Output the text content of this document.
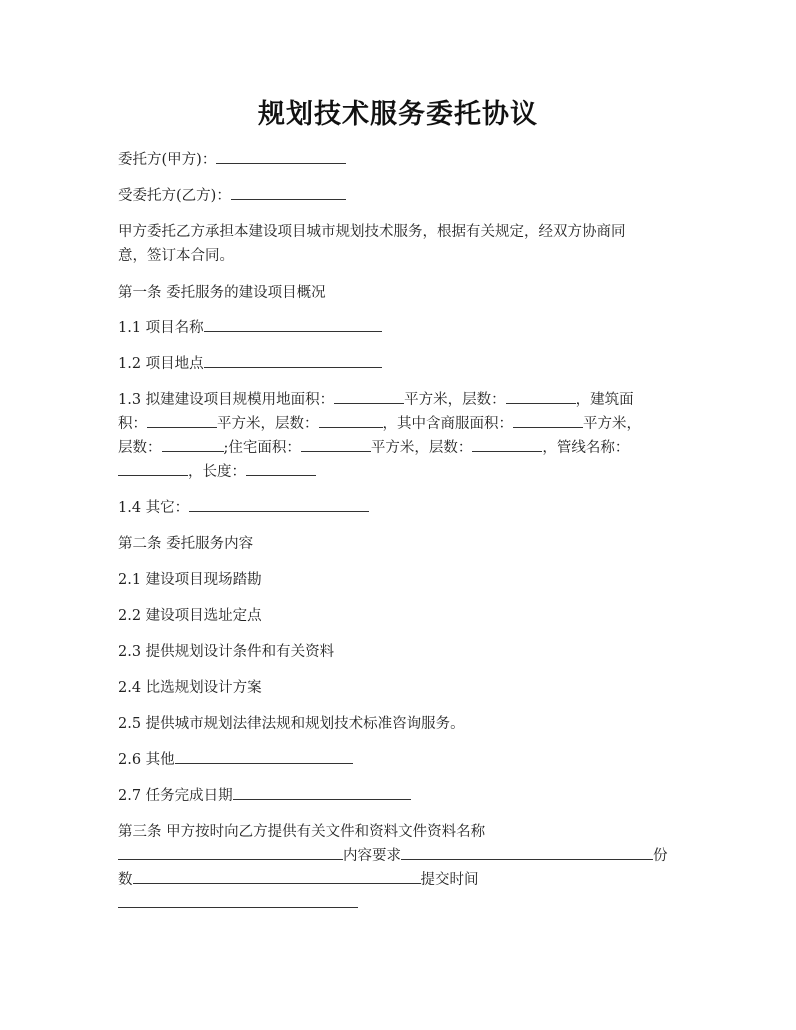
规划技术服务委托协议
委托方(甲方)：
受委托方(乙方)：
甲方委托乙方承担本建设项目城市规划技术服务，根据有关规定，经双方协商同
意，签订本合同。
第一条 委托服务的建设项目概况
1.1 项目名称
1.2 项目地点
1.3 拟建建设项目规模用地面积：	平方米，层数：	，建筑面
积：	平方米，层数：	，其中含商服面积：	平方米，
层数：	;住宅面积：	平方米，层数：	，管线名称：
，长度：
1.4 其它：
第二条 委托服务内容
2.1 建设项目现场踏勘
2.2 建设项目选址定点
2.3 提供规划设计条件和有关资料
2.4 比选规划设计方案
2.5 提供城市规划法律法规和规划技术标准咨询服务。
2.6 其他
2.7 任务完成日期
第三条 甲方按时向乙方提供有关文件和资料文件资料名称
内容要求	份
数	提交时间
